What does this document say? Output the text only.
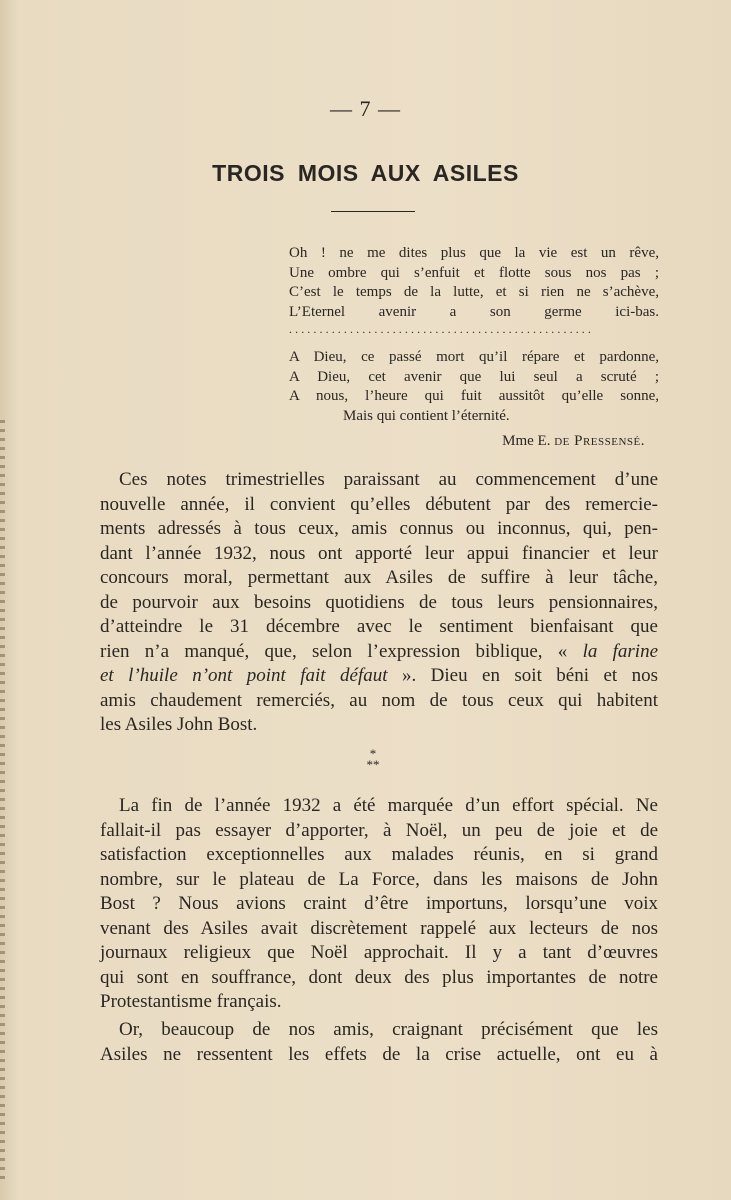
— 7 —
TROIS MOIS AUX ASILES
Oh ! ne me dites plus que la vie est un rêve,
Une ombre qui s’enfuit et flotte sous nos pas ;
C’est le temps de la lutte, et si rien ne s’achève,
L’Eternel avenir a son germe ici-bas.
..................................................
A Dieu, ce passé mort qu’il répare et pardonne,
A Dieu, cet avenir que lui seul a scruté ;
A nous, l’heure qui fuit aussitôt qu’elle sonne,
Mais qui contient l’éternité.
Mme E. de Pressensé.
Ces notes trimestrielles paraissant au commencement d’une
nouvelle année, il convient qu’elles débutent par des remercie-
ments adressés à tous ceux, amis connus ou inconnus, qui, pen-
dant l’année 1932, nous ont apporté leur appui financier et leur
concours moral, permettant aux Asiles de suffire à leur tâche,
de pourvoir aux besoins quotidiens de tous leurs pensionnaires,
d’atteindre le 31 décembre avec le sentiment bienfaisant que
rien n’a manqué, que, selon l’expression biblique, « la farine
et l’huile n’ont point fait défaut ». Dieu en soit béni et nos
amis chaudement remerciés, au nom de tous ceux qui habitent
les Asiles John Bost.
*
**
La fin de l’année 1932 a été marquée d’un effort spécial. Ne
fallait-il pas essayer d’apporter, à Noël, un peu de joie et de
satisfaction exceptionnelles aux malades réunis, en si grand
nombre, sur le plateau de La Force, dans les maisons de John
Bost ? Nous avions craint d’être importuns, lorsqu’une voix
venant des Asiles avait discrètement rappelé aux lecteurs de nos
journaux religieux que Noël approchait. Il y a tant d’œuvres
qui sont en souffrance, dont deux des plus importantes de notre
Protestantisme français.
Or, beaucoup de nos amis, craignant précisément que les
Asiles ne ressentent les effets de la crise actuelle, ont eu à
